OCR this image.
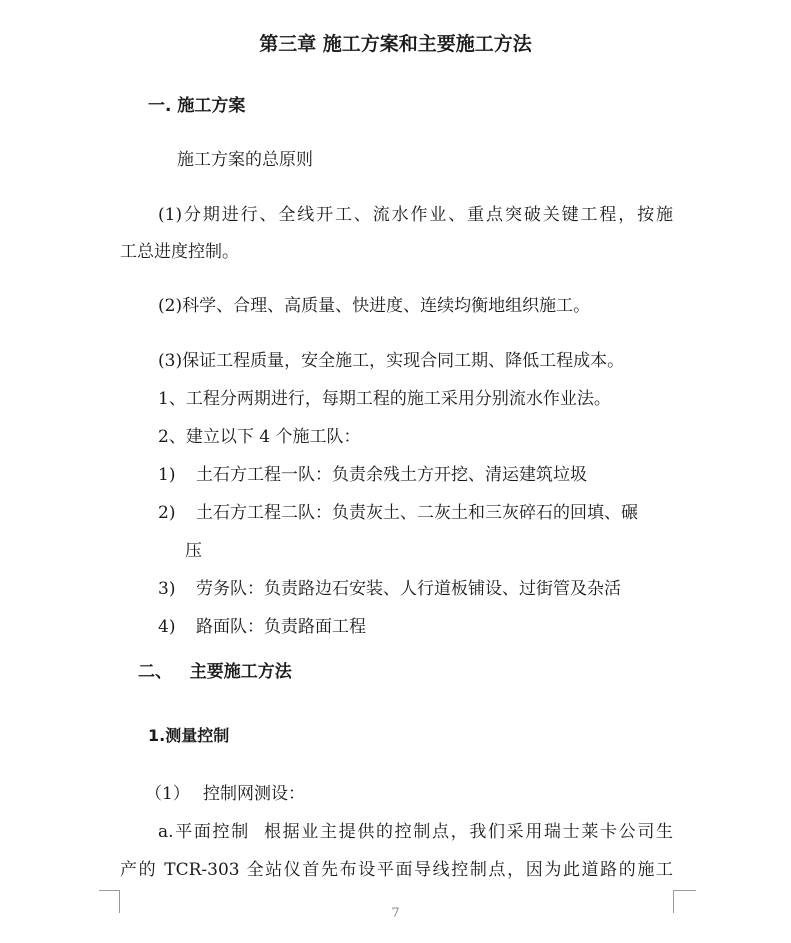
第三章 施工方案和主要施工方法
一. 施工方案
施工方案的总原则
(1)分期进行、全线开工、流水作业、重点突破关键工程，按施
工总进度控制。
(2)科学、合理、高质量、快进度、连续均衡地组织施工。
(3)保证工程质量，安全施工，实现合同工期、降低工程成本。
1、工程分两期进行，每期工程的施工采用分别流水作业法。
2、建立以下 4 个施工队：
1) 土石方工程一队：负责余残土方开挖、清运建筑垃圾
2) 土石方工程二队：负责灰土、二灰土和三灰碎石的回填、碾
压
3) 劳务队：负责路边石安装、人行道板铺设、过街管及杂活
4) 路面队：负责路面工程
二、   主要施工方法
1.测量控制
（1） 控制网测设：
a.平面控制  根据业主提供的控制点，我们采用瑞士莱卡公司生
产的 TCR-303 全站仪首先布设平面导线控制点，因为此道路的施工
7
